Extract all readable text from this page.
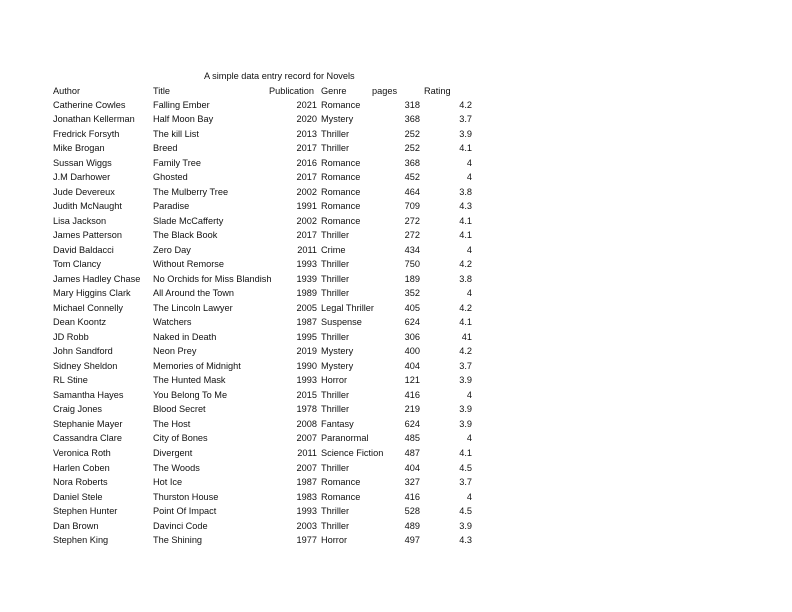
A simple data entry record for Novels
Author	Title	Publication Genre	pages	Rating
Catherine Cowles	Falling Ember	2021 Romance	318	4.2
Jonathan Kellerman	Half Moon Bay	2020 Mystery	368	3.7
Fredrick Forsyth	The kill List	2013 Thriller	252	3.9
Mike Brogan	Breed	2017 Thriller	252	4.1
Sussan Wiggs	Family Tree	2016 Romance	368	4
J.M Darhower	Ghosted	2017 Romance	452	4
Jude Devereux	The Mulberry Tree	2002 Romance	464	3.8
Judith McNaught	Paradise	1991 Romance	709	4.3
Lisa Jackson	Slade McCafferty	2002 Romance	272	4.1
James Patterson	The Black Book	2017 Thriller	272	4.1
David Baldacci	Zero Day	2011 Crime	434	4
Tom Clancy	Without Remorse	1993 Thriller	750	4.2
James Hadley Chase	No Orchids for Miss Blandish	1939 Thriller	189	3.8
Mary Higgins Clark	All Around the Town	1989 Thriller	352	4
Michael Connelly	The Lincoln Lawyer	2005 Legal Thriller	405	4.2
Dean Koontz	Watchers	1987 Suspense	624	4.1
JD Robb	Naked in Death	1995 Thriller	306	41
John Sandford	Neon Prey	2019 Mystery	400	4.2
Sidney Sheldon	Memories of Midnight	1990 Mystery	404	3.7
RL Stine	The Hunted Mask	1993 Horror	121	3.9
Samantha Hayes	You Belong To Me	2015 Thriller	416	4
Craig Jones	Blood Secret	1978 Thriller	219	3.9
Stephanie Mayer	The Host	2008 Fantasy	624	3.9
Cassandra Clare	City of Bones	2007 Paranormal	485	4
Veronica Roth	Divergent	2011 Science Fiction	487	4.1
Harlen Coben	The Woods	2007 Thriller	404	4.5
Nora Roberts	Hot Ice	1987 Romance	327	3.7
Daniel Stele	Thurston House	1983 Romance	416	4
Stephen Hunter	Point Of Impact	1993 Thriller	528	4.5
Dan Brown	Davinci Code	2003 Thriller	489	3.9
Stephen King	The Shining	1977 Horror	497	4.3
